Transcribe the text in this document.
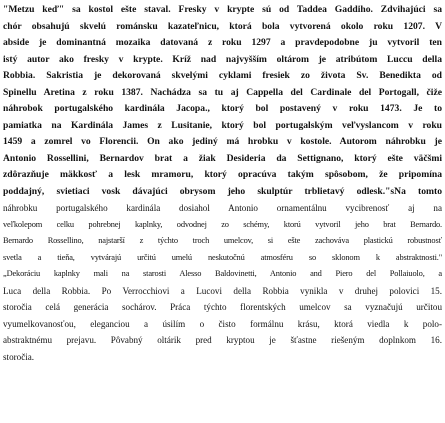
"Metzu keď" sa kostol ešte staval. Fresky v krypte sú od Taddea Gaddiho. Zdvihajúci sa
chór obsahujú skvelú románsku kazateľnicu, ktorá bola vytvorená okolo roku 1207. V
abside je dominantná mozaika datovaná z roku 1297 a pravdepodobne ju vytvoril ten
istý autor ako fresky v krypte. Kríž nad najvyšším oltárom je atribútom Luccu della
Robbia. Sakristia je dekorovaná skvelými cyklami fresiek zo života Sv. Benedikta od
Spinellu Aretina z roku 1387. Nachádza sa tu aj Cappella del Cardinale del Portogall, čiže
náhrobok portugalského kardinála Jacopa., ktorý bol postavený v roku 1473. Je to
pamiatka na Kardinála James z Lusitanie, ktorý bol portugalským veľvyslancom v roku
1459 a zomrel vo Florencii. On ako jediný má hrobku v kostole. Autorom náhrobku je
Antonio Rossellini, Bernardov brat a žiak Desideria da Settignano, ktorý ešte väčšmi
zdôrazňuje mäkkosť a lesk mramoru, ktorý opracúva takým spôsobom, že pripomína
poddajný, svietiaci vosk dávajúci obrysom jeho skulptúr trblietavý odlesk."sNa tomto
náhrobku portugalského kardinála dosiahol Antonio ornamentálnu vycibrenosť aj na
veľkolepom celku pohrebnej kaplnky, odvodnej zo schémy, ktorú vytvoril jeho brat Bernardo.
Bernardo Rossellino, najstarší z týchto troch umelcov, si ešte zachováva plastickú robustnosť
svetla a tieňa, vytvárajú určitú umelú neskutočnú atmosféru so sklonom k abstraktnosti."
„Dekoráciu kaplnky mali na starosti Alesso Baldovinetti, Antonio and Piero del Pollaiuolo, a
Luca della Robbia. Po Verrocchiovi a Lucovi della Robbia vynikla v druhej polovici 15.
storočia celá generácia sochárov. Práca týchto florentských umelcov sa vyznačujú určitou
vyumelkovanosťou, eleganciou a úsilím o čisto formálnu krásu, ktorá viedla k polo-
abstraktnému prejavu. Pôvabný oltárik pred kryptou je šťastne riešeným doplnkom 16.
storočia.
